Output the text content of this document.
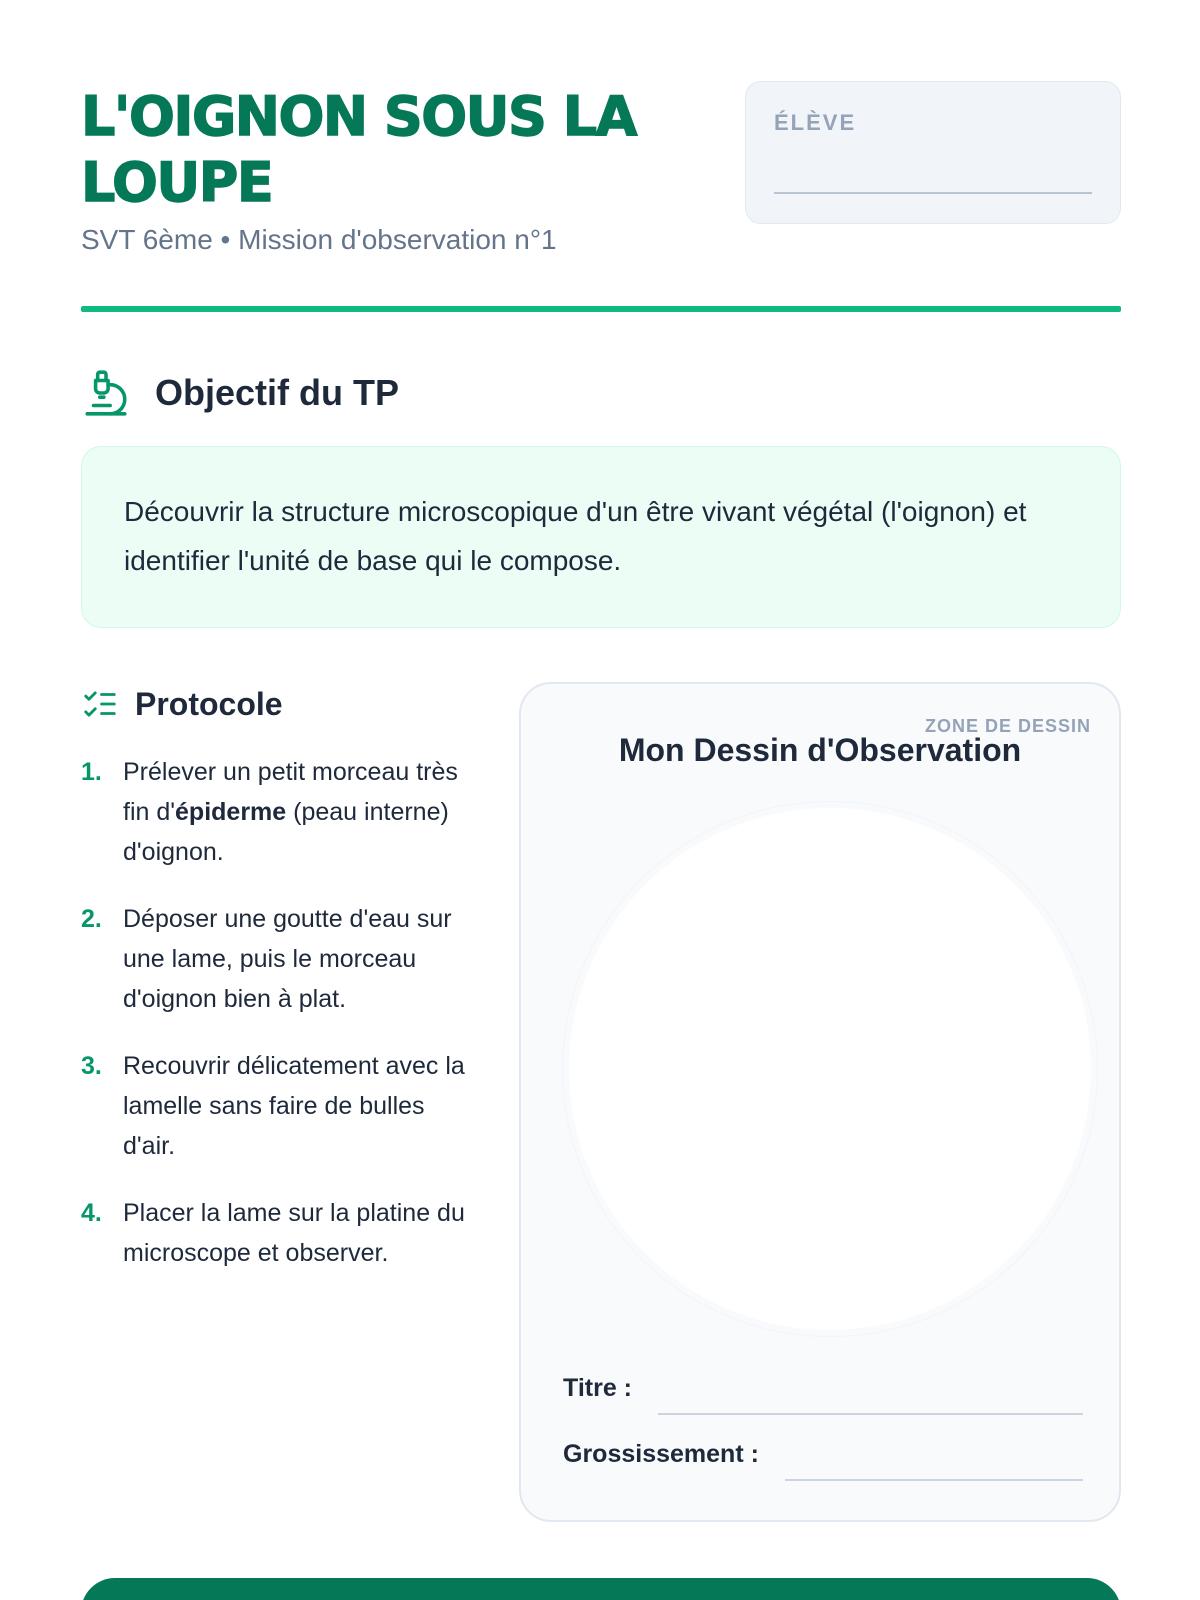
L'OIGNON SOUS LA LOUPE
SVT 6ème • Mission d'observation n°1
ÉLÈVE
Objectif du TP

Découvrir la structure microscopique d'un être vivant végétal (l'oignon) et identifier l'unité de base qui le compose.

Protocole
1. Prélever un petit morceau très fin d'épiderme (peau interne) d'oignon.
2. Déposer une goutte d'eau sur une lame, puis le morceau d'oignon bien à plat.
3. Recouvrir délicatement avec la lamelle sans faire de bulles d'air.
4. Placer la lame sur la platine du microscope et observer.
ZONE DE DESSIN
Mon Dessin d'Observation
Titre :
Grossissement :
